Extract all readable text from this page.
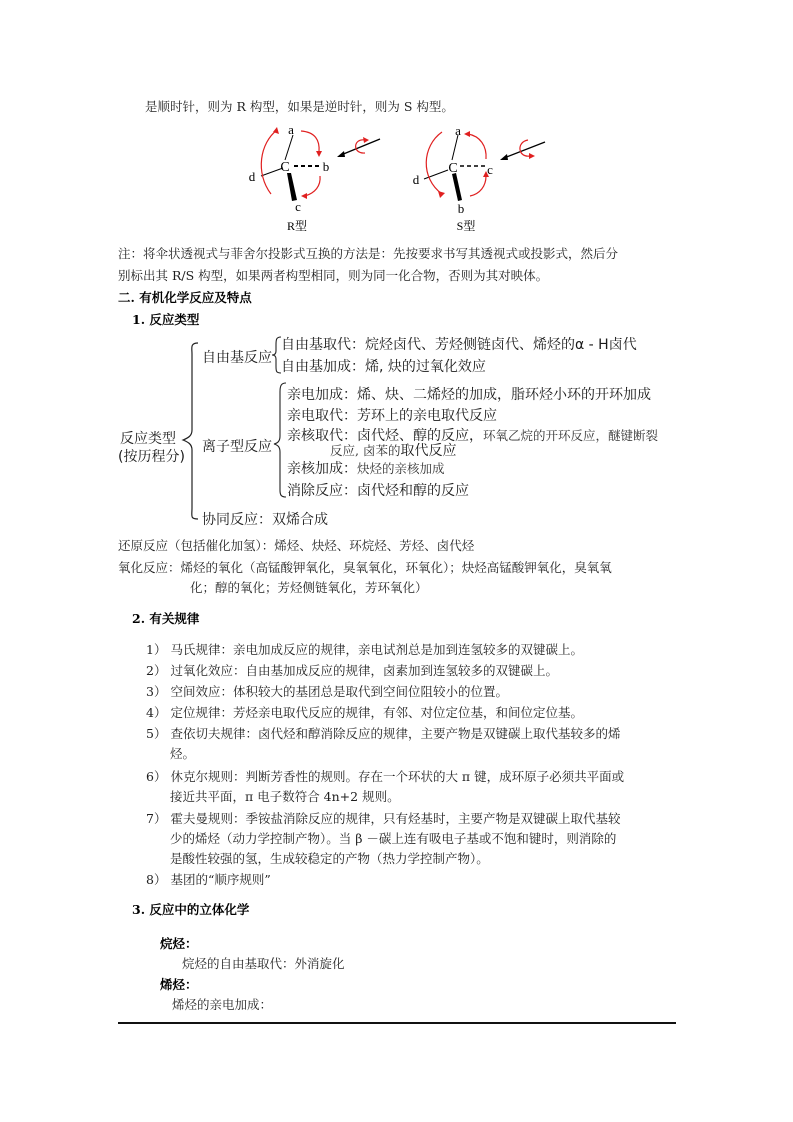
是顺时针，则为 R 构型，如果是逆时针，则为 S 构型。
a
C	b
d
c
R型
a
C c
d
b
S型
注：将伞状透视式与菲舍尔投影式互换的方法是：先按要求书写其透视式或投影式，然后分
别标出其 R/S 构型，如果两者构型相同，则为同一化合物，否则为其对映体。
二. 有机化学反应及特点
1. 反应类型
反应类型
(按历程分)
自由基反应
自由基取代：烷烃卤代、芳烃侧链卤代、烯烃的α - H卤代
自由基加成：烯, 炔的过氧化效应
离子型反应
亲电加成：烯、炔、二烯烃的加成，脂环烃小环的开环加成
亲电取代：芳环上的亲电取代反应
亲核取代：卤代烃、醇的反应，环氧乙烷的开环反应，醚键断裂
反应, 卤苯的取代反应
亲核加成：炔烃的亲核加成
消除反应：卤代烃和醇的反应
协同反应：双烯合成
还原反应（包括催化加氢）：烯烃、炔烃、环烷烃、芳烃、卤代烃
氧化反应：烯烃的氧化（高锰酸钾氧化，臭氧氧化，环氧化）；炔烃高锰酸钾氧化，臭氧氧
化；醇的氧化；芳烃侧链氧化，芳环氧化）
2. 有关规律
1） 马氏规律：亲电加成反应的规律，亲电试剂总是加到连氢较多的双键碳上。
2） 过氧化效应：自由基加成反应的规律，卤素加到连氢较多的双键碳上。
3） 空间效应：体积较大的基团总是取代到空间位阻较小的位置。
4） 定位规律：芳烃亲电取代反应的规律，有邻、对位定位基，和间位定位基。
5） 查依切夫规律：卤代烃和醇消除反应的规律，主要产物是双键碳上取代基较多的烯
烃。
6） 休克尔规则：判断芳香性的规则。存在一个环状的大 π 键，成环原子必须共平面或
接近共平面，π 电子数符合 4n+2 规则。
7） 霍夫曼规则：季铵盐消除反应的规律，只有烃基时，主要产物是双键碳上取代基较
少的烯烃（动力学控制产物）。当 β －碳上连有吸电子基或不饱和键时，则消除的
是酸性较强的氢，生成较稳定的产物（热力学控制产物）。
8） 基团的“顺序规则”
3. 反应中的立体化学
烷烃：
烷烃的自由基取代：外消旋化
烯烃：
烯烃的亲电加成：
